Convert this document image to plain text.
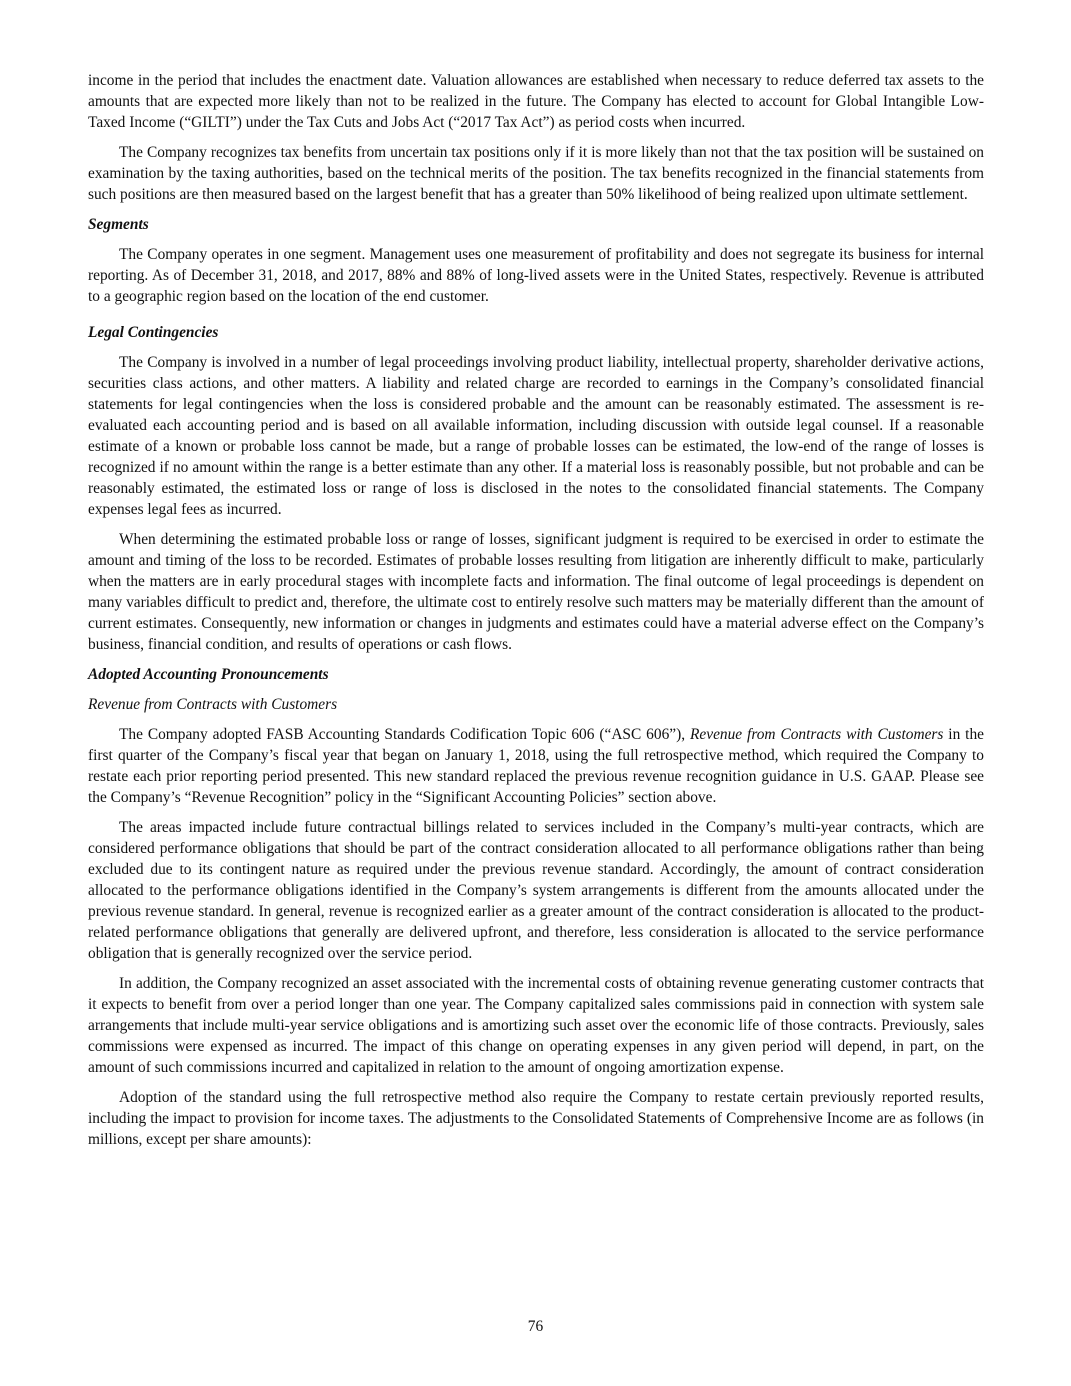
income in the period that includes the enactment date. Valuation allowances are established when necessary to reduce deferred tax assets to the amounts that are expected more likely than not to be realized in the future. The Company has elected to account for Global Intangible Low-Taxed Income (“GILTI”) under the Tax Cuts and Jobs Act (“2017 Tax Act”) as period costs when incurred.

The Company recognizes tax benefits from uncertain tax positions only if it is more likely than not that the tax position will be sustained on examination by the taxing authorities, based on the technical merits of the position. The tax benefits recognized in the financial statements from such positions are then measured based on the largest benefit that has a greater than 50% likelihood of being realized upon ultimate settlement.

Segments

The Company operates in one segment. Management uses one measurement of profitability and does not segregate its business for internal reporting. As of December 31, 2018, and 2017, 88% and 88% of long-lived assets were in the United States, respectively. Revenue is attributed to a geographic region based on the location of the end customer.

Legal Contingencies

The Company is involved in a number of legal proceedings involving product liability, intellectual property, shareholder derivative actions, securities class actions, and other matters. A liability and related charge are recorded to earnings in the Company’s consolidated financial statements for legal contingencies when the loss is considered probable and the amount can be reasonably estimated. The assessment is re-evaluated each accounting period and is based on all available information, including discussion with outside legal counsel. If a reasonable estimate of a known or probable loss cannot be made, but a range of probable losses can be estimated, the low-end of the range of losses is recognized if no amount within the range is a better estimate than any other. If a material loss is reasonably possible, but not probable and can be reasonably estimated, the estimated loss or range of loss is disclosed in the notes to the consolidated financial statements. The Company expenses legal fees as incurred.

When determining the estimated probable loss or range of losses, significant judgment is required to be exercised in order to estimate the amount and timing of the loss to be recorded. Estimates of probable losses resulting from litigation are inherently difficult to make, particularly when the matters are in early procedural stages with incomplete facts and information. The final outcome of legal proceedings is dependent on many variables difficult to predict and, therefore, the ultimate cost to entirely resolve such matters may be materially different than the amount of current estimates. Consequently, new information or changes in judgments and estimates could have a material adverse effect on the Company’s business, financial condition, and results of operations or cash flows.

Adopted Accounting Pronouncements
Revenue from Contracts with Customers

The Company adopted FASB Accounting Standards Codification Topic 606 (“ASC 606”), Revenue from Contracts with Customers in the first quarter of the Company’s fiscal year that began on January 1, 2018, using the full retrospective method, which required the Company to restate each prior reporting period presented. This new standard replaced the previous revenue recognition guidance in U.S. GAAP. Please see the Company’s “Revenue Recognition” policy in the “Significant Accounting Policies” section above.

The areas impacted include future contractual billings related to services included in the Company’s multi-year contracts, which are considered performance obligations that should be part of the contract consideration allocated to all performance obligations rather than being excluded due to its contingent nature as required under the previous revenue standard. Accordingly, the amount of contract consideration allocated to the performance obligations identified in the Company’s system arrangements is different from the amounts allocated under the previous revenue standard. In general, revenue is recognized earlier as a greater amount of the contract consideration is allocated to the product-related performance obligations that generally are delivered upfront, and therefore, less consideration is allocated to the service performance obligation that is generally recognized over the service period.

In addition, the Company recognized an asset associated with the incremental costs of obtaining revenue generating customer contracts that it expects to benefit from over a period longer than one year. The Company capitalized sales commissions paid in connection with system sale arrangements that include multi-year service obligations and is amortizing such asset over the economic life of those contracts. Previously, sales commissions were expensed as incurred. The impact of this change on operating expenses in any given period will depend, in part, on the amount of such commissions incurred and capitalized in relation to the amount of ongoing amortization expense.

Adoption of the standard using the full retrospective method also require the Company to restate certain previously reported results, including the impact to provision for income taxes. The adjustments to the Consolidated Statements of Comprehensive Income are as follows (in millions, except per share amounts):

76
